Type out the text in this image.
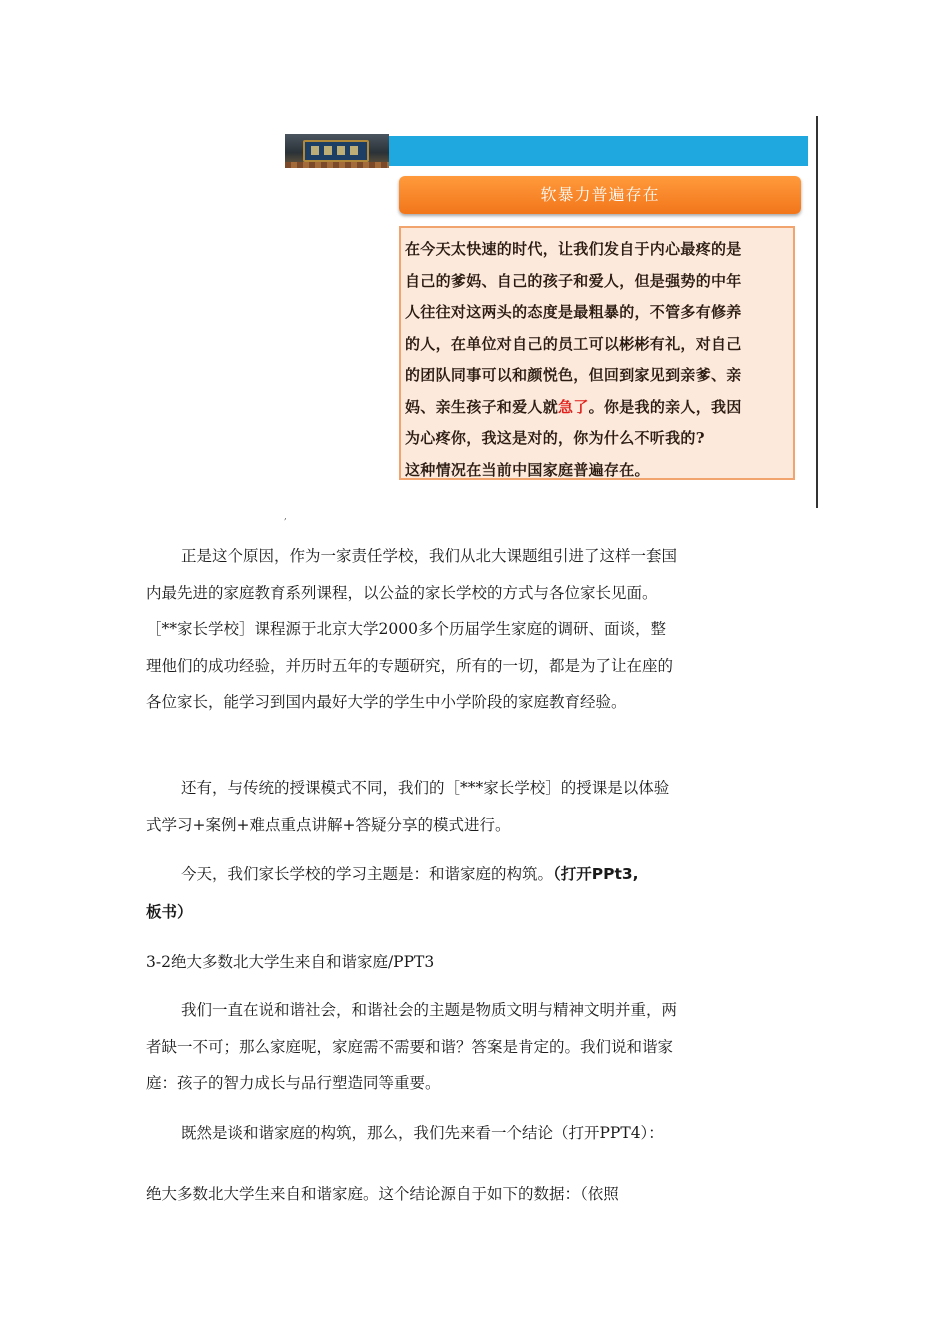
软暴力普遍存在

在今天太快速的时代，让我们发自于内心最疼的是

自己的爹妈、自己的孩子和爱人，但是强势的中年

人往往对这两头的态度是最粗暴的，不管多有修养

的人，在单位对自己的员工可以彬彬有礼，对自己

的团队同事可以和颜悦色，但回到家见到亲爹、亲

妈、亲生孩子和爱人就急了。你是我的亲人，我因

为心疼你，我这是对的，你为什么不听我的?

这种情况在当前中国家庭普遍存在。

,

正是这个原因，作为一家责任学校，我们从北大课题组引进了这样一套国内最先进的家庭教育系列课程，以公益的家长学校的方式与各位家长见面。［**家长学校］课程源于北京大学2000多个历届学生家庭的调研、面谈，整理他们的成功经验，并历时五年的专题研究，所有的一切，都是为了让在座的各位家长，能学习到国内最好大学的学生中小学阶段的家庭教育经验。

还有，与传统的授课模式不同，我们的［***家长学校］的授课是以体验式学习+案例+难点重点讲解+答疑分享的模式进行。

今天，我们家长学校的学习主题是：和谐家庭的构筑。（打开PPt3,

板书）

3-2绝大多数北大学生来自和谐家庭/PPT3

我们一直在说和谐社会，和谐社会的主题是物质文明与精神文明并重，两者缺一不可；那么家庭呢，家庭需不需要和谐？答案是肯定的。我们说和谐家庭：孩子的智力成长与品行塑造同等重要。

既然是谈和谐家庭的构筑，那么，我们先来看一个结论（打开PPT4）：

绝大多数北大学生来自和谐家庭。这个结论源自于如下的数据：（依照
